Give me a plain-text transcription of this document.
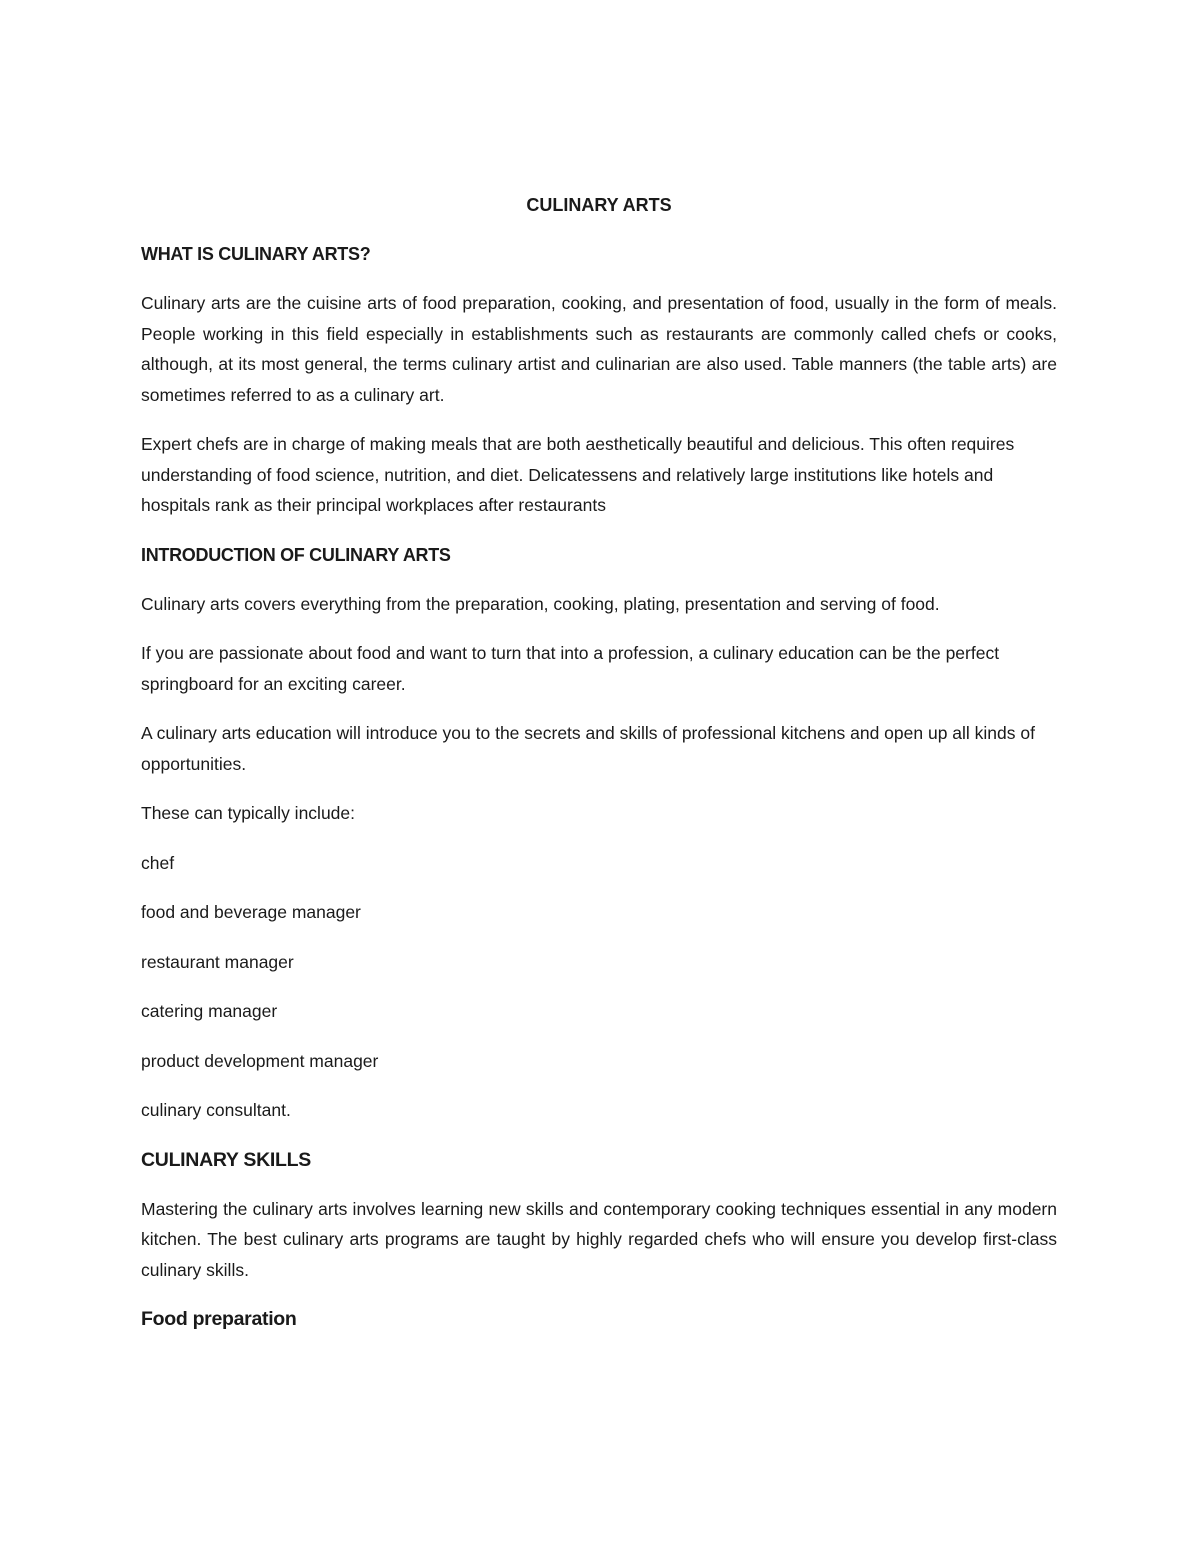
CULINARY ARTS
WHAT IS CULINARY ARTS?

Culinary arts are the cuisine arts of food preparation, cooking, and presentation of food, usually in the form of meals. People working in this field especially in establishments such as restaurants are commonly called chefs or cooks, although, at its most general, the terms culinary artist and culinarian are also used. Table manners (the table arts) are sometimes referred to as a culinary art.

Expert chefs are in charge of making meals that are both aesthetically beautiful and delicious. This often requires understanding of food science, nutrition, and diet. Delicatessens and relatively large institutions like hotels and hospitals rank as their principal workplaces after restaurants

INTRODUCTION OF CULINARY ARTS

Culinary arts covers everything from the preparation, cooking, plating, presentation and serving of food.

If you are passionate about food and want to turn that into a profession, a culinary education can be the perfect springboard for an exciting career.

A culinary arts education will introduce you to the secrets and skills of professional kitchens and open up all kinds of opportunities.

These can typically include:

chef
food and beverage manager
restaurant manager
catering manager
product development manager
culinary consultant.
CULINARY SKILLS

Mastering the culinary arts involves learning new skills and contemporary cooking techniques essential in any modern kitchen. The best culinary arts programs are taught by highly regarded chefs who will ensure you develop first-class culinary skills.

Food preparation
